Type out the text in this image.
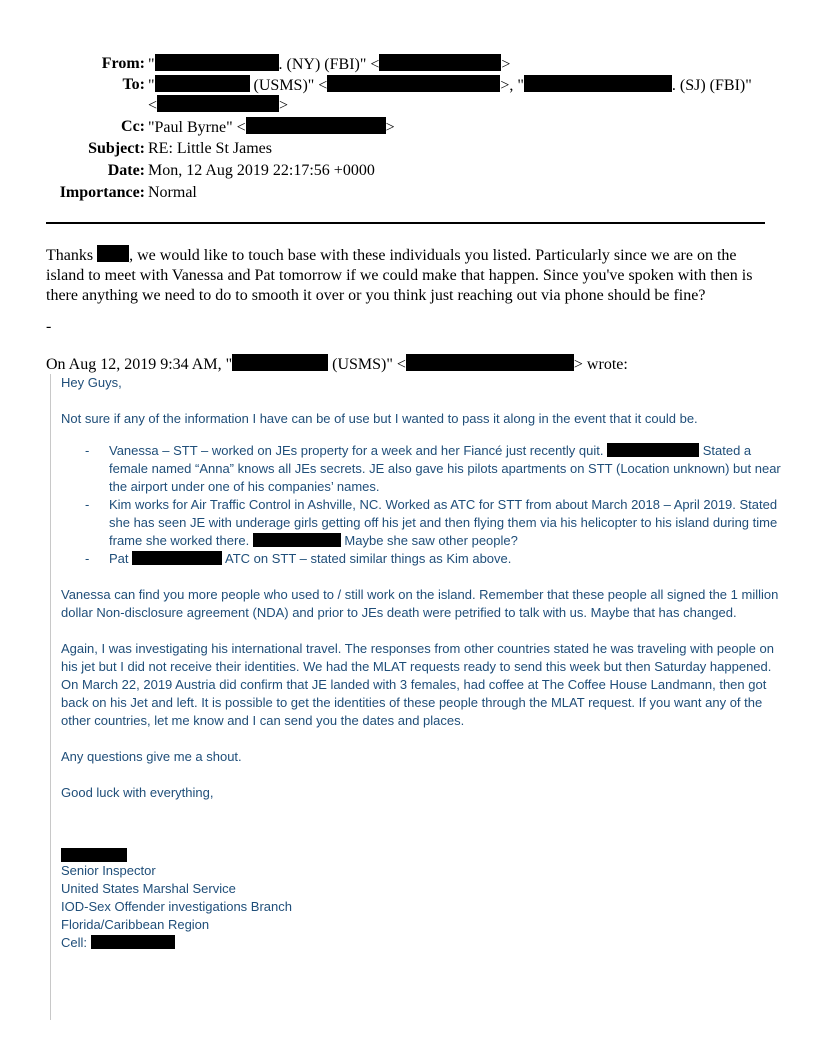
From: "	. (NY) (FBI)" <	>
To: "	(USMS)" <	>, "	. (SJ) (FBI)"
<	>
Cc: "Paul Byrne" <	>
Subject: RE: Little St James
Date: Mon, 12 Aug 2019 22:17:56 +0000
Importance: Normal
Thanks , we would like to touch base with these individuals you listed. Particularly since we are on the island to meet with Vanessa and Pat tomorrow if we could make that happen. Since you've spoken with then is there anything we need to do to smooth it over or you think just reaching out via phone should be fine?
-
On Aug 12, 2019 9:34 AM, "	(USMS)" <	> wrote:

Hey Guys,

Not sure if any of the information I have can be of use but I wanted to pass it along in the event that it could be.

- Vanessa – STT – worked on JEs property for a week and her Fiancé just recently quit.	Stated a female named “Anna” knows all JEs secrets. JE also gave his pilots apartments on STT (Location unknown) but near the airport under one of his companies’ names.
- Kim works for Air Traffic Control in Ashville, NC. Worked as ATC for STT from about March 2018 – April 2019. Stated she has seen JE with underage girls getting off his jet and then flying them via his helicopter to his island during time frame she worked there.	Maybe she saw other people?
- Pat	ATC on STT – stated similar things as Kim above.

Vanessa can find you more people who used to / still work on the island. Remember that these people all signed the 1 million dollar Non-disclosure agreement (NDA) and prior to JEs death were petrified to talk with us. Maybe that has changed.

Again, I was investigating his international travel. The responses from other countries stated he was traveling with people on his jet but I did not receive their identities. We had the MLAT requests ready to send this week but then Saturday happened. On March 22, 2019 Austria did confirm that JE landed with 3 females, had coffee at The Coffee House Landmann, then got back on his Jet and left. It is possible to get the identities of these people through the MLAT request. If you want any of the other countries, let me know and I can send you the dates and places.

Any questions give me a shout.

Good luck with everything,

Senior Inspector

United States Marshal Service

IOD-Sex Offender investigations Branch

Florida/Caribbean Region

Cell:
